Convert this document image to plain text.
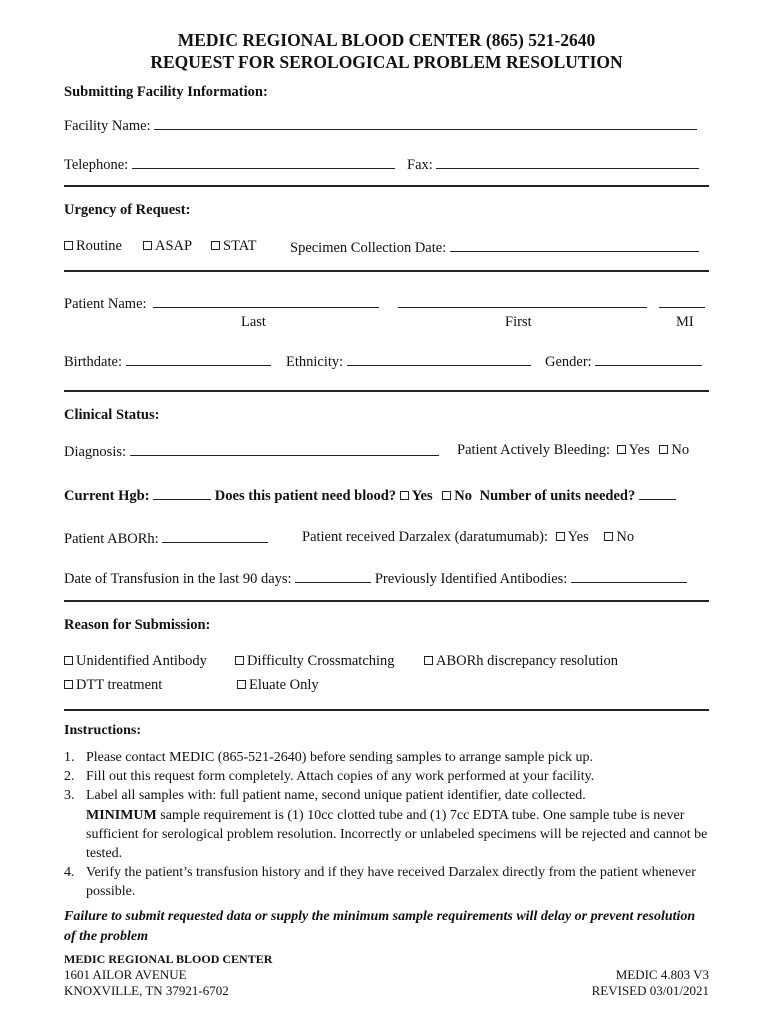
MEDIC REGIONAL BLOOD CENTER (865) 521-2640
REQUEST FOR SEROLOGICAL PROBLEM RESOLUTION
Submitting Facility Information:
Facility Name:
Telephone:	Fax:
Urgency of Request:
Routine	ASAP	STAT Specimen Collection Date:
Patient Name:
Last	First	MI
Birthdate:	Ethnicity:	Gender:
Clinical Status:
Diagnosis:	Patient Actively Bleeding: Yes No
Current Hgb:	Does this patient need blood? Yes No Number of units needed?
Patient ABORh:	Patient received Darzalex (daratumumab): Yes No
Date of Transfusion in the last 90 days:	Previously Identified Antibodies:
Reason for Submission:
Unidentified Antibody	Difficulty Crossmatching	ABORh discrepancy resolution
DTT treatment	Eluate Only
Instructions:
1. Please contact MEDIC (865-521-2640) before sending samples to arrange sample pick up.
2. Fill out this request form completely. Attach copies of any work performed at your facility.
3. Label all samples with: full patient name, second unique patient identifier, date collected.
MINIMUM sample requirement is (1) 10cc clotted tube and (1) 7cc EDTA tube. One sample tube is never sufficient for serological problem resolution. Incorrectly or unlabeled specimens will be rejected and cannot be tested.
4. Verify the patient’s transfusion history and if they have received Darzalex directly from the patient whenever possible.
Failure to submit requested data or supply the minimum sample requirements will delay or prevent resolution of the problem
MEDIC REGIONAL BLOOD CENTER
1601 AILOR AVENUE
KNOXVILLE, TN 37921-6702
MEDIC 4.803 V3
REVISED 03/01/2021
